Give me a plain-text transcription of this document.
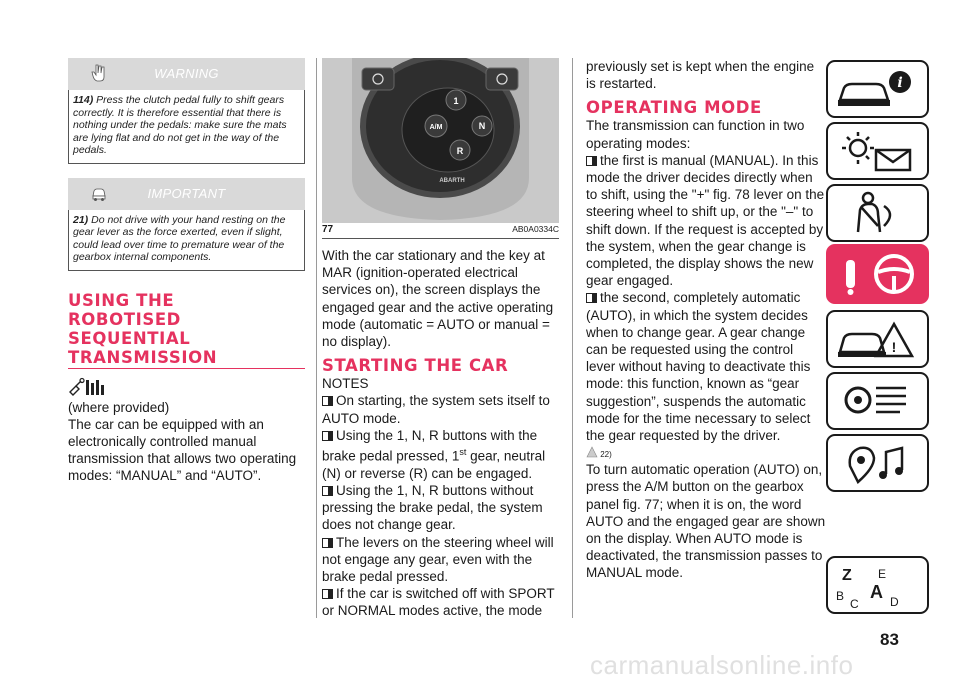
WARNING
114) Press the clutch pedal fully to shift gears correctly. It is therefore essential that there is nothing under the pedals: make sure the mats are lying flat and do not get in the way of the pedals.
IMPORTANT
21) Do not drive with your hand resting on the gear lever as the force exerted, even if slight, could lead over time to premature wear of the gearbox internal components.
USING THE
ROBOTISED
SEQUENTIAL
TRANSMISSION
(where provided)
The car can be equipped with an electronically controlled manual transmission that allows two operating modes: “MANUAL” and “AUTO”.
1
A/M	N
R
ABARTH
77	AB0A0334C
With the car stationary and the key at MAR (ignition-operated electrical services on), the screen displays the engaged gear and the active operating mode (automatic = AUTO or manual = no display).
STARTING THE CAR
NOTES
On starting, the system sets itself to AUTO mode.
Using the 1, N, R buttons with the brake pedal pressed, 1st gear, neutral (N) or reverse (R) can be engaged.
Using the 1, N, R buttons without pressing the brake pedal, the system does not change gear.
The levers on the steering wheel will not engage any gear, even with the brake pedal pressed.
If the car is switched off with SPORT or NORMAL modes active, the mode
previously set is kept when the engine is restarted.
OPERATING MODE
The transmission can function in two operating modes:
the first is manual (MANUAL). In this mode the driver decides directly when to shift, using the "+" fig. 78 lever on the steering wheel to shift up, or the "–" to shift down. If the request is accepted by the system, when the gear change is completed, the display shows the new gear engaged.
the second, completely automatic (AUTO), in which the system decides when to change gear. A gear change can be requested using the control lever without having to deactivate this mode: this function, known as “gear suggestion”, suspends the automatic mode for the time necessary to select the gear requested by the driver.
22)
To turn automatic operation (AUTO) on, press the A/M button on the gearbox panel fig. 77; when it is on, the word AUTO and the engaged gear are shown on the display. When AUTO mode is deactivated, the transmission passes to MANUAL mode.
i
!
Z E
B A D
C
83
carmanualsonline.info
